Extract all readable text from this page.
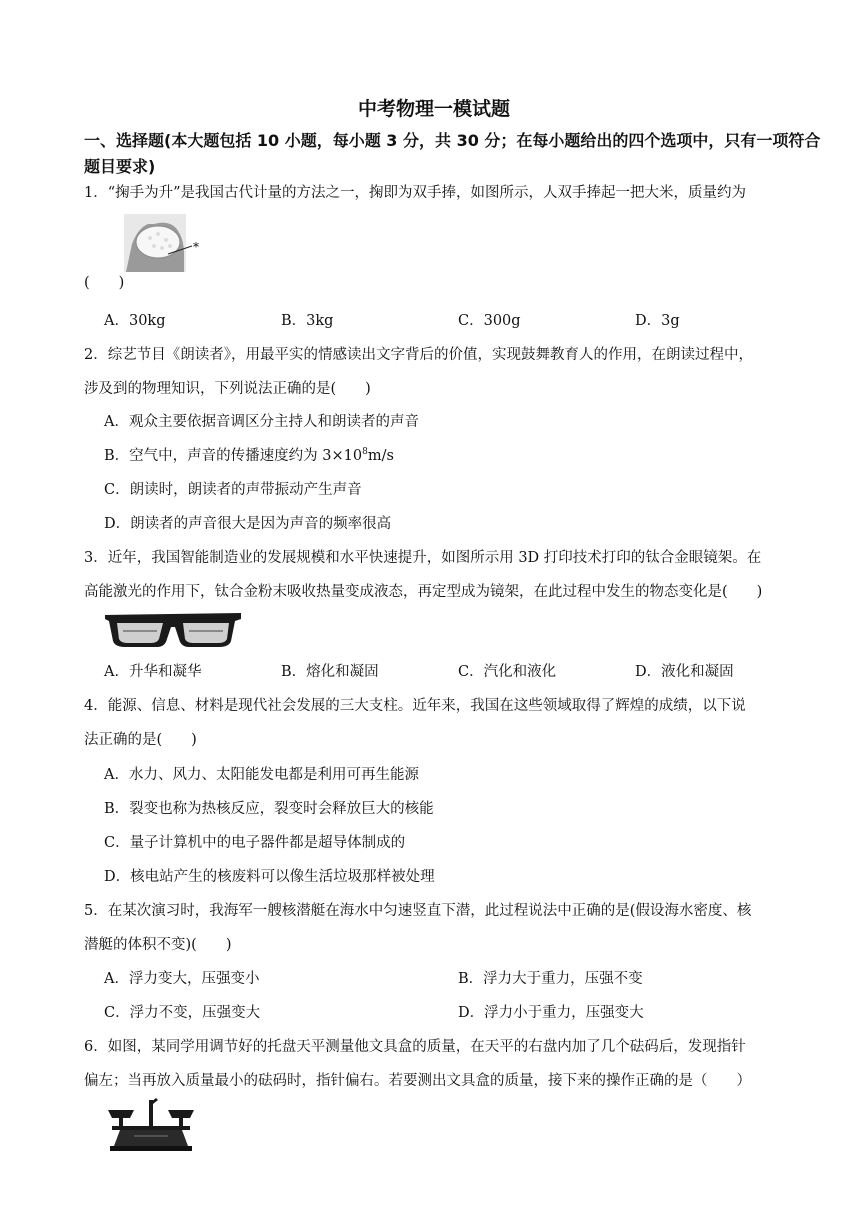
中考物理一模试题
一、选择题(本大题包括 10 小题，每小题 3 分，共 30 分；在每小题给出的四个选项中，只有一项符合题目要求)
1．“掬手为升”是我国古代计量的方法之一，掬即为双手捧，如图所示，人双手捧起一把大米，质量约为
*
(　　)
A．30kg	B．3kg	C．300g	D．3g
2．综艺节目《朗读者》，用最平实的情感读出文字背后的价值，实现鼓舞教育人的作用，在朗读过程中，
涉及到的物理知识，下列说法正确的是(　　)
A．观众主要依据音调区分主持人和朗读者的声音
B．空气中，声音的传播速度约为 $3\times 10^8m/s$
C．朗读时，朗读者的声带振动产生声音
D．朗读者的声音很大是因为声音的频率很高
3．近年，我国智能制造业的发展规模和水平快速提升，如图所示用 3D 打印技术打印的钛合金眼镜架。在
高能激光的作用下，钛合金粉末吸收热量变成液态，再定型成为镜架，在此过程中发生的物态变化是(　　)
A．升华和凝华	B．熔化和凝固	C．汽化和液化	D．液化和凝固
4．能源、信息、材料是现代社会发展的三大支柱。近年来，我国在这些领域取得了辉煌的成绩，以下说
法正确的是(　　)
A．水力、风力、太阳能发电都是利用可再生能源
B．裂变也称为热核反应，裂变时会释放巨大的核能
C．量子计算机中的电子器件都是超导体制成的
D．核电站产生的核废料可以像生活垃圾那样被处理
5．在某次演习时，我海军一艘核潜艇在海水中匀速竖直下潜，此过程说法中正确的是(假设海水密度、核
潜艇的体积不变)(　　)
A．浮力变大，压强变小	B．浮力大于重力，压强不变
C．浮力不变，压强变大	D．浮力小于重力，压强变大
6．如图，某同学用调节好的托盘天平测量他文具盒的质量，在天平的右盘内加了几个砝码后，发现指针
偏左；当再放入质量最小的砝码时，指针偏右。若要测出文具盒的质量，接下来的操作正确的是（　　）
